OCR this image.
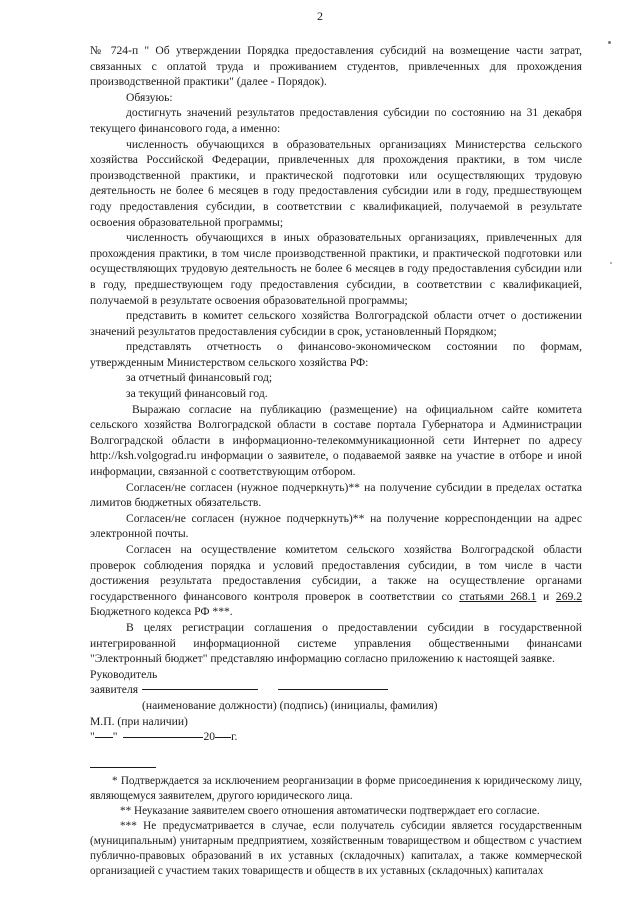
2

№ 724-п " Об утверждении Порядка предоставления субсидий на возмещение части затрат, связанных с оплатой труда и проживанием студентов, привлеченных для прохождения производственной практики" (далее - Порядок).

Обязуюь:

достигнуть значений результатов предоставления субсидии по состоянию на 31 декабря текущего финансового года, а именно:

численность обучающихся в образовательных организациях Министерства сельского хозяйства Российской Федерации, привлеченных для прохождения практики, в том числе производственной практики, и практической подготовки или осуществляющих трудовую деятельность не более 6 месяцев в году предоставления субсидии или в году, предшествующем году предоставления субсидии, в соответствии с квалификацией, получаемой в результате освоения образовательной программы;

численность обучающихся в иных образовательных организациях, привлеченных для прохождения практики, в том числе производственной практики, и практической подготовки или осуществляющих трудовую деятельность не более 6 месяцев в году предоставления субсидии или в году, предшествующем году предоставления субсидии, в соответствии с квалификацией, получаемой в результате освоения образовательной программы;

представить в комитет сельского хозяйства Волгоградской области отчет о достижении значений результатов предоставления субсидии в срок, установленный Порядком;

представлять отчетность о финансово-экономическом состоянии по формам, утвержденным Министерством сельского хозяйства РФ:

за отчетный финансовый год;

за текущий финансовый год.

Выражаю согласие на публикацию (размещение) на официальном сайте комитета сельского хозяйства Волгоградской области в составе портала Губернатора и Администрации Волгоградской области в информационно-телекоммуникационной сети Интернет по адресу http://ksh.volgograd.ru информации о заявителе, о подаваемой заявке на участие в отборе и иной информации, связанной с соответствующим отбором.

Согласен/не согласен (нужное подчеркнуть)** на получение субсидии в пределах остатка лимитов бюджетных обязательств.

Согласен/не согласен (нужное подчеркнуть)** на получение корреспонденции на адрес электронной почты.

Согласен на осуществление комитетом сельского хозяйства Волгоградской области проверок соблюдения порядка и условий предоставления субсидии, в том числе в части достижения результата предоставления субсидии, а также на осуществление органами государственного финансового контроля проверок в соответствии со статьями 268.1 и 269.2 Бюджетного кодекса РФ ***.

В целях регистрации соглашения о предоставлении субсидии в государственной интегрированной информационной системе управления общественными финансами "Электронный бюджет" представляю информацию согласно приложению к настоящей заявке.

Руководитель

заявителя

(наименование должности) (подпись) (инициалы, фамилия)

М.П. (при наличии)

" "	20 г.

* Подтверждается за исключением реорганизации в форме присоединения к юридическому лицу, являющемуся заявителем, другого юридического лица.

** Неуказание заявителем своего отношения автоматически подтверждает его согласие.

*** Не предусматривается в случае, если получатель субсидии является государственным (муниципальным) унитарным предприятием, хозяйственным товариществом и обществом с участием публично-правовых образований в их уставных (складочных) капиталах, а также коммерческой организацией с участием таких товариществ и обществ в их уставных (складочных) капиталах
